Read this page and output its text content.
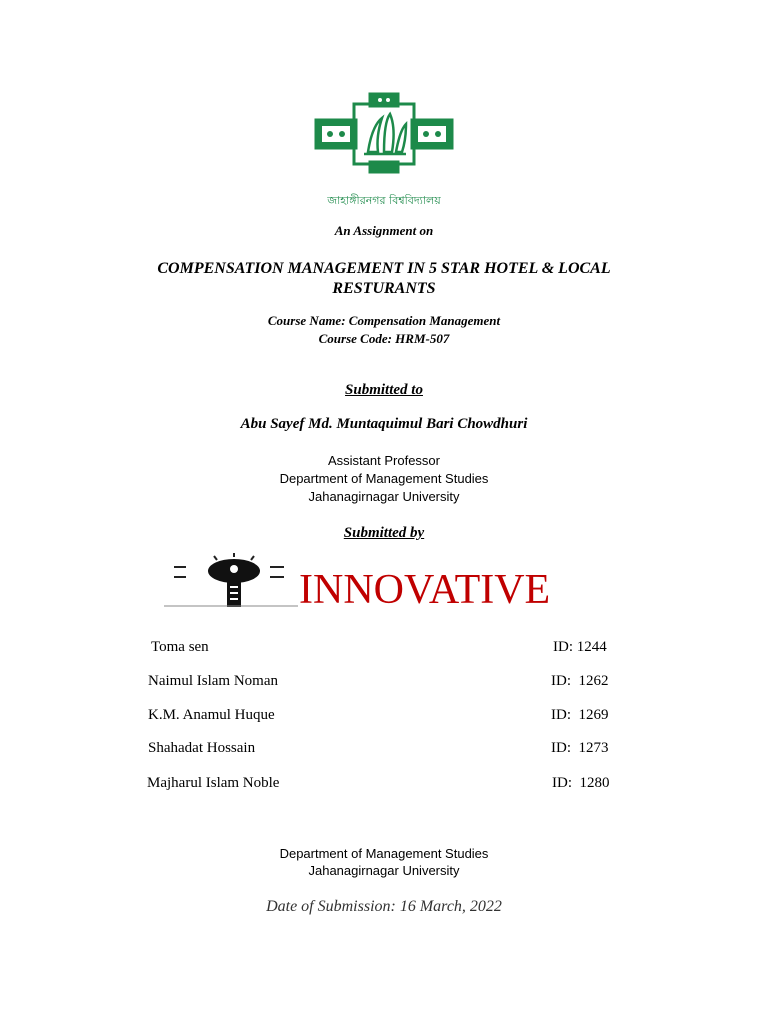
জাহাঙ্গীরনগর বিশ্ববিদ্যালয়
An Assignment on
COMPENSATION MANAGEMENT IN 5 STAR HOTEL & LOCAL
RESTURANTS
Course Name: Compensation Management
Course Code: HRM-507
Submitted to
Abu Sayef Md. Muntaquimul Bari Chowdhuri
Assistant Professor
Department of Management Studies
Jahanagirnagar University
Submitted by
INNOVATIVE
Toma sen	ID: 1244
Naimul Islam Noman	ID:  1262
K.M. Anamul Huque	ID:  1269
Shahadat Hossain	ID:  1273
Majharul Islam Noble	ID:  1280
Department of Management Studies
Jahanagirnagar University
Date of Submission: 16 March, 2022
